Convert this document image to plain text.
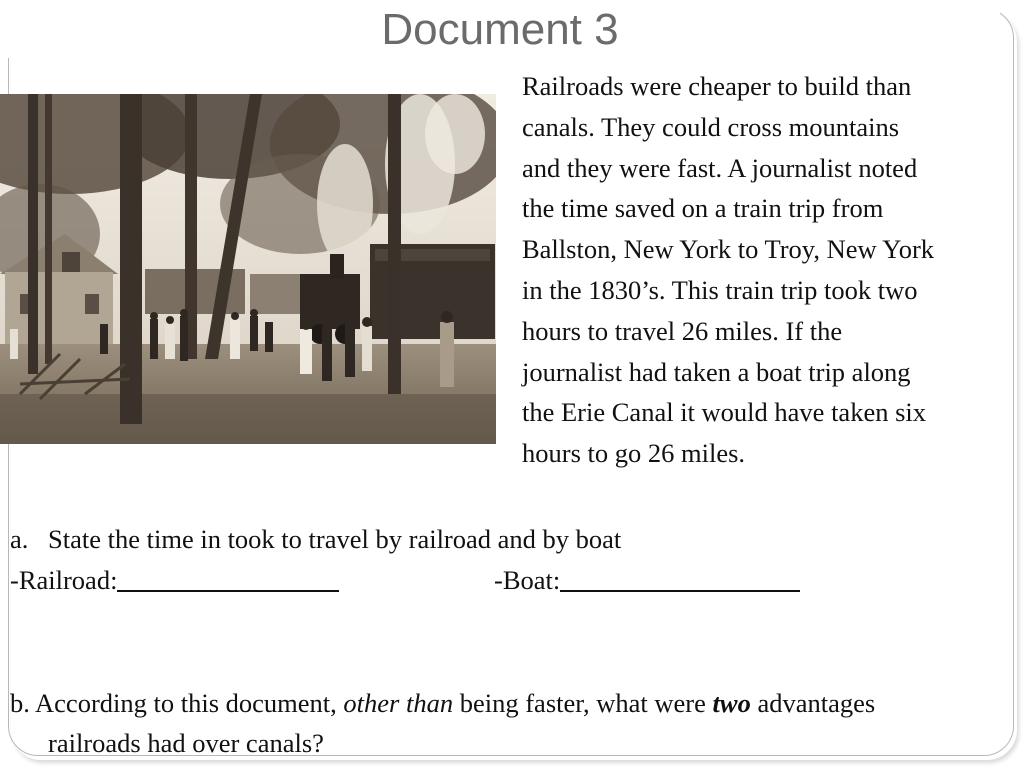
Document 3
Railroads were cheaper to build than
canals. They could cross mountains
and they were fast. A journalist noted
the time saved on a train trip from
Ballston, New York to Troy, New York
in the 1830’s. This train trip took two
hours to travel 26 miles. If the
journalist had taken a boat trip along
the Erie Canal it would have taken six
hours to go 26 miles.
a. State the time in took to travel by railroad and by boat
-Railroad:	-Boat:
b. According to this document, other than being faster, what were two advantages
railroads had over canals?
